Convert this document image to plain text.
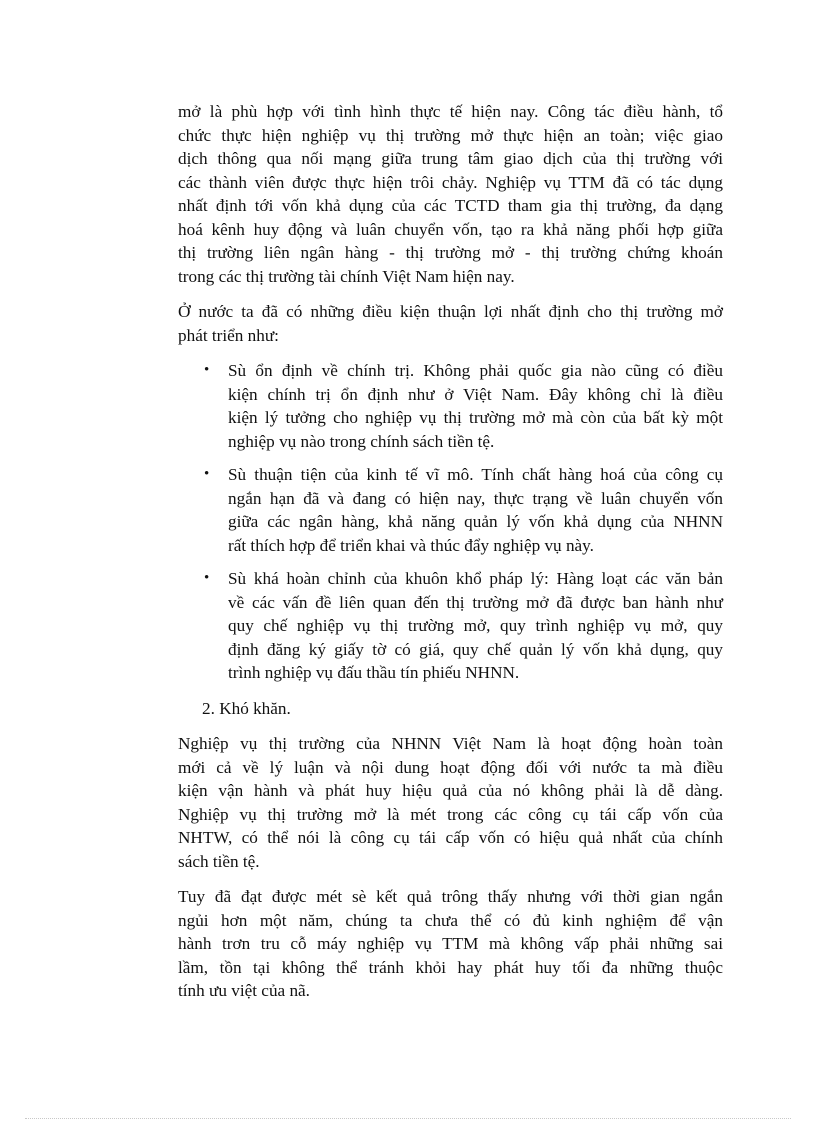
mở là phù hợp với tình hình thực tế hiện nay. Công tác điều hành, tổ
chức thực hiện nghiệp vụ thị trường mở thực hiện an toàn; việc giao
dịch thông qua nối mạng giữa trung tâm giao dịch của thị trường với
các thành viên được thực hiện trôi chảy. Nghiệp vụ TTM đã có tác dụng
nhất định tới vốn khả dụng của các TCTD tham gia thị trường, đa dạng
hoá kênh huy động và luân chuyển vốn, tạo ra khả năng phối hợp giữa
thị trường liên ngân hàng - thị trường mở - thị trường chứng khoán
trong các thị trường tài chính Việt Nam hiện nay.

Ở nước ta đã có những điều kiện thuận lợi nhất định cho thị trường mở
phát triển như:

• Sù ổn định về chính trị. Không phải quốc gia nào cũng có điều
kiện chính trị ổn định như ở Việt Nam. Đây không chỉ là điều
kiện lý tưởng cho nghiệp vụ thị trường mở mà còn của bất kỳ một
nghiệp vụ nào trong chính sách tiền tệ.
• Sù thuận tiện của kinh tế vĩ mô. Tính chất hàng hoá của công cụ
ngắn hạn đã và đang có hiện nay, thực trạng về luân chuyển vốn
giữa các ngân hàng, khả năng quản lý vốn khả dụng của NHNN
rất thích hợp để triển khai và thúc đẩy nghiệp vụ này.
• Sù khá hoàn chỉnh của khuôn khổ pháp lý: Hàng loạt các văn bản
về các vấn đề liên quan đến thị trường mở đã được ban hành như
quy chế nghiệp vụ thị trường mở, quy trình nghiệp vụ mở, quy
định đăng ký giấy tờ có giá, quy chế quản lý vốn khả dụng, quy
trình nghiệp vụ đấu thầu tín phiếu NHNN.
2. Khó khăn.

Nghiệp vụ thị trường của NHNN Việt Nam là hoạt động hoàn toàn
mới cả về lý luận và nội dung hoạt động đối với nước ta mà điều
kiện vận hành và phát huy hiệu quả của nó không phải là dễ dàng.
Nghiệp vụ thị trường mở là mét trong các công cụ tái cấp vốn của
NHTW, có thể nói là công cụ tái cấp vốn có hiệu quả nhất của chính
sách tiền tệ.

Tuy đã đạt được mét sè kết quả trông thấy nhưng với thời gian ngắn
ngủi hơn một năm, chúng ta chưa thể có đủ kinh nghiệm để vận
hành trơn tru cỗ máy nghiệp vụ TTM mà không vấp phải những sai
lầm, tồn tại không thể tránh khỏi hay phát huy tối đa những thuộc
tính ưu việt của nã.
